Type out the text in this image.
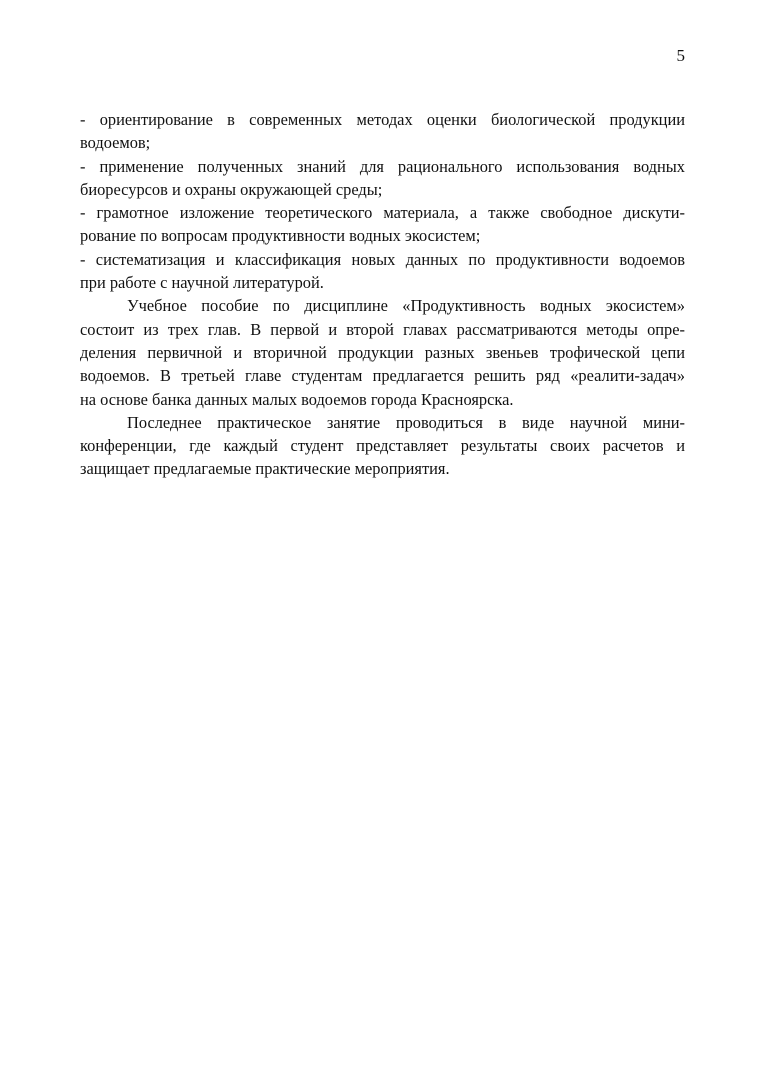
5
- ориентирование в современных методах оценки биологической продукции
водоемов;
- применение полученных знаний для рационального использования водных
биоресурсов и охраны окружающей среды;
- грамотное изложение теоретического материала, а также свободное дискути-
рование по вопросам продуктивности водных экосистем;
- систематизация и классификация новых данных по продуктивности водоемов
при работе с научной литературой.
Учебное пособие по дисциплине «Продуктивность водных экосистем»
состоит из трех глав. В первой и второй главах рассматриваются методы опре-
деления первичной и вторичной продукции разных звеньев трофической цепи
водоемов. В третьей главе студентам предлагается решить ряд «реалити-задач»
на основе банка данных малых водоемов города Красноярска.
Последнее практическое занятие проводиться в виде научной мини-
конференции, где каждый студент представляет результаты своих расчетов и
защищает предлагаемые практические мероприятия.
